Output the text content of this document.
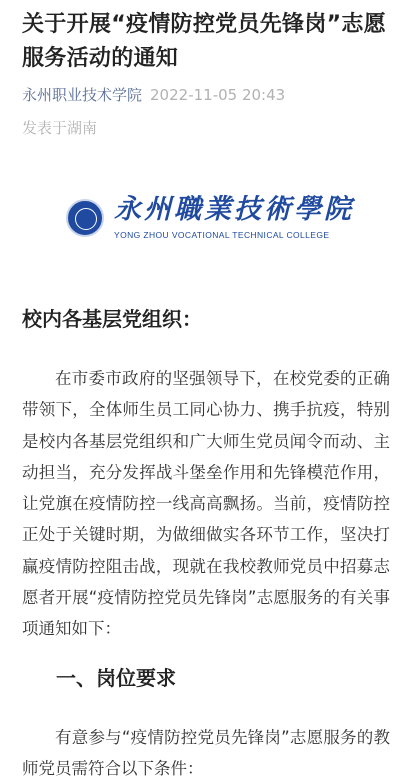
关于开展“疫情防控党员先锋岗”志愿服务活动的通知
永州职业技术学院 2022-11-05 20:43
发表于湖南
永州職業技術學院
YONG ZHOU VOCATIONAL TECHNICAL COLLEGE
校内各基层党组织：
在市委市政府的坚强领导下，在校党委的正确带领下，全体师生员工同心协力、携手抗疫，特别是校内各基层党组织和广大师生党员闻令而动、主动担当，充分发挥战斗堡垒作用和先锋模范作用，让党旗在疫情防控一线高高飘扬。当前，疫情防控正处于关键时期，为做细做实各环节工作，坚决打赢疫情防控阻击战，现就在我校教师党员中招募志愿者开展“疫情防控党员先锋岗”志愿服务的有关事项通知如下：
一、岗位要求
有意参与“疫情防控党员先锋岗”志愿服务的教师党员需符合以下条件：
